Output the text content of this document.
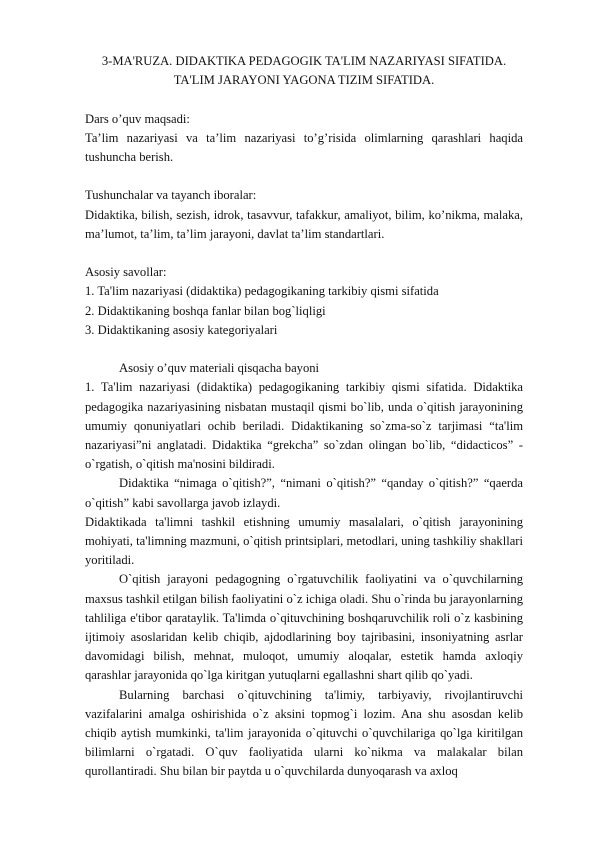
3-MA'RUZA. DIDAKTIKA PEDAGOGIK TA'LIM NAZARIYASI SIFATIDA.
TA'LIM JARAYONI YAGONA TIZIM SIFATIDA.

Dars o’quv maqsadi:

Ta’lim nazariyasi va ta’lim nazariyasi to’g’risida olimlarning qarashlari haqida tushuncha berish.

Tushunchalar va tayanch iboralar:

Didaktika, bilish, sezish, idrok, tasavvur, tafakkur, amaliyot, bilim, ko’nikma, malaka, ma’lumot, ta’lim, ta’lim jarayoni, davlat ta’lim standartlari.

Asosiy savollar:

1. Ta'lim nazariyasi (didaktika) pedagogikaning tarkibiy qismi sifatida

2. Didaktikaning boshqa fanlar bilan bog`liqligi

3. Didaktikaning asosiy kategoriyalari

Asosiy o’quv materiali qisqacha bayoni

1. Ta'lim nazariyasi (didaktika) pedagogikaning tarkibiy qismi sifatida. Didaktika pedagogika nazariyasining nisbatan mustaqil qismi bo`lib, unda o`qitish jarayonining umumiy qonuniyatlari ochib beriladi. Didaktikaning so`zma-so`z tarjimasi “ta'lim nazariyasi”ni anglatadi. Didaktika “grekcha” so`zdan olingan bo`lib, “didacticos” - o`rgatish, o`qitish ma'nosini bildiradi.

Didaktika “nimaga o`qitish?”, “nimani o`qitish?” “qanday o`qitish?” “qaerda o`qitish” kabi savollarga javob izlaydi.

Didaktikada ta'limni tashkil etishning umumiy masalalari, o`qitish jarayonining mohiyati, ta'limning mazmuni, o`qitish printsiplari, metodlari, uning tashkiliy shakllari yoritiladi.

O`qitish jarayoni pedagogning o`rgatuvchilik faoliyatini va o`quvchilarning maxsus tashkil etilgan bilish faoliyatini o`z ichiga oladi. Shu o`rinda bu jarayonlarning tahliliga e'tibor qarataylik. Ta'limda o`qituvchining boshqaruvchilik roli o`z kasbining ijtimoiy asoslaridan kelib chiqib, ajdodlarining boy tajribasini, insoniyatning asrlar davomidagi bilish, mehnat, muloqot, umumiy aloqalar, estetik hamda axloqiy qarashlar jarayonida qo`lga kiritgan yutuqlarni egallashni shart qilib qo`yadi.

Bularning barchasi o`qituvchining ta'limiy, tarbiyaviy, rivojlantiruvchi vazifalarini amalga oshirishida o`z aksini topmog`i lozim. Ana shu asosdan kelib chiqib aytish mumkinki, ta'lim jarayonida o`qituvchi o`quvchilariga qo`lga kiritilgan bilimlarni o`rgatadi. O`quv faoliyatida ularni ko`nikma va malakalar bilan qurollantiradi. Shu bilan bir paytda u o`quvchilarda dunyoqarash va axloq
